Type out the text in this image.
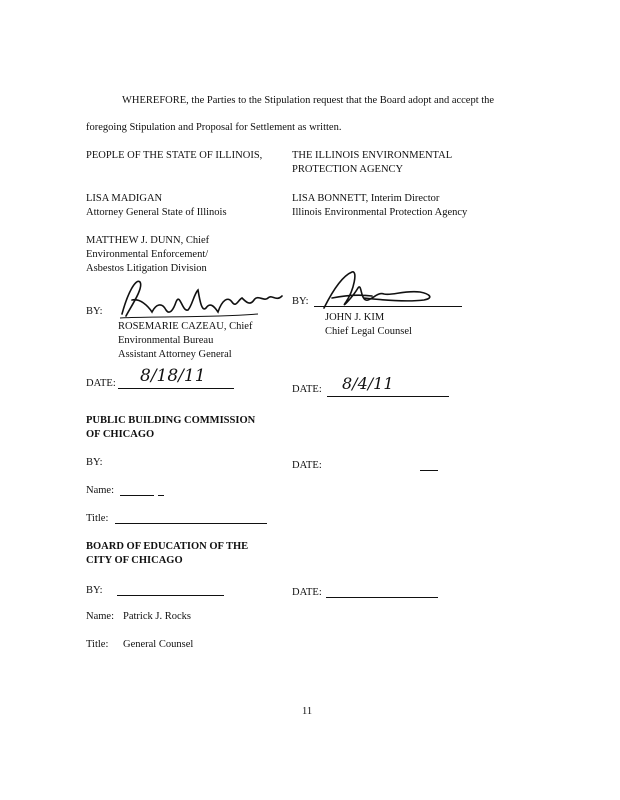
WHEREFORE, the Parties to the Stipulation request that the Board adopt and accept the
foregoing Stipulation and Proposal for Settlement as written.
PEOPLE OF THE STATE OF ILLINOIS,
LISA MADIGAN
Attorney General State of Illinois
MATTHEW J. DUNN, Chief
Environmental Enforcement/
Asbestos Litigation Division
BY:
ROSEMARIE CAZEAU, Chief
Environmental Bureau
Assistant Attorney General
DATE: 8/18/11
THE ILLINOIS ENVIRONMENTAL
PROTECTION AGENCY
LISA BONNETT, Interim Director
Illinois Environmental Protection Agency
BY:
JOHN J. KIM
Chief Legal Counsel
DATE: 8/4/11
PUBLIC BUILDING COMMISSION
OF CHICAGO
BY:	DATE:
Name:
Title:
BOARD OF EDUCATION OF THE
CITY OF CHICAGO
BY:	DATE:
Name: Patrick J. Rocks
Title: General Counsel
11
